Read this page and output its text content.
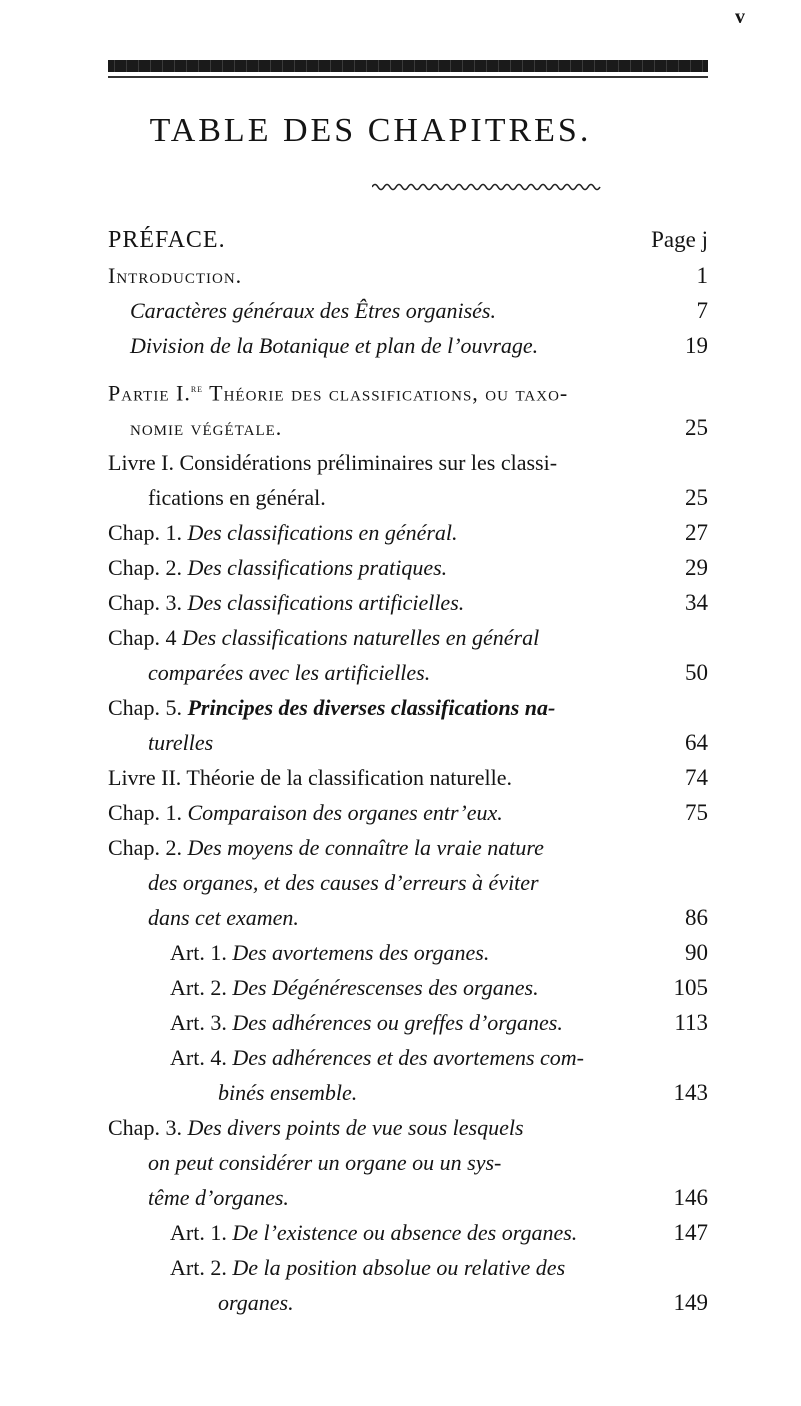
v
TABLE DES CHAPITRES.
PRÉFACE.	Page j
Introduction.	1
Caractères généraux des Êtres organisés.	7
Division de la Botanique et plan de l’ouvrage.	19
Partie I.$^{re}$ Théorie des classifications, ou taxo-
nomie végétale.	25
Livre I. Considérations préliminaires sur les classi-
fications en général.	25
Chap. 1. Des classifications en général.	27
Chap. 2. Des classifications pratiques.	29
Chap. 3. Des classifications artificielles.	34
Chap. 4 Des classifications naturelles en général
comparées avec les artificielles.	50
Chap. 5. Principes des diverses classifications na-
turelles	64
Livre II. Théorie de la classification naturelle.	74
Chap. 1. Comparaison des organes entr’eux.	75
Chap. 2. Des moyens de connaître la vraie nature
des organes, et des causes d’erreurs à éviter
dans cet examen.	86
Art. 1. Des avortemens des organes.	90
Art. 2. Des Dégénérescenses des organes.	105
Art. 3. Des adhérences ou greffes d’organes.	113
Art. 4. Des adhérences et des avortemens com-
binés ensemble.	143
Chap. 3. Des divers points de vue sous lesquels
on peut considérer un organe ou un sys-
tême d’organes.	146
Art. 1. De l’existence ou absence des organes.	147
Art. 2. De la position absolue ou relative des
organes.	149
